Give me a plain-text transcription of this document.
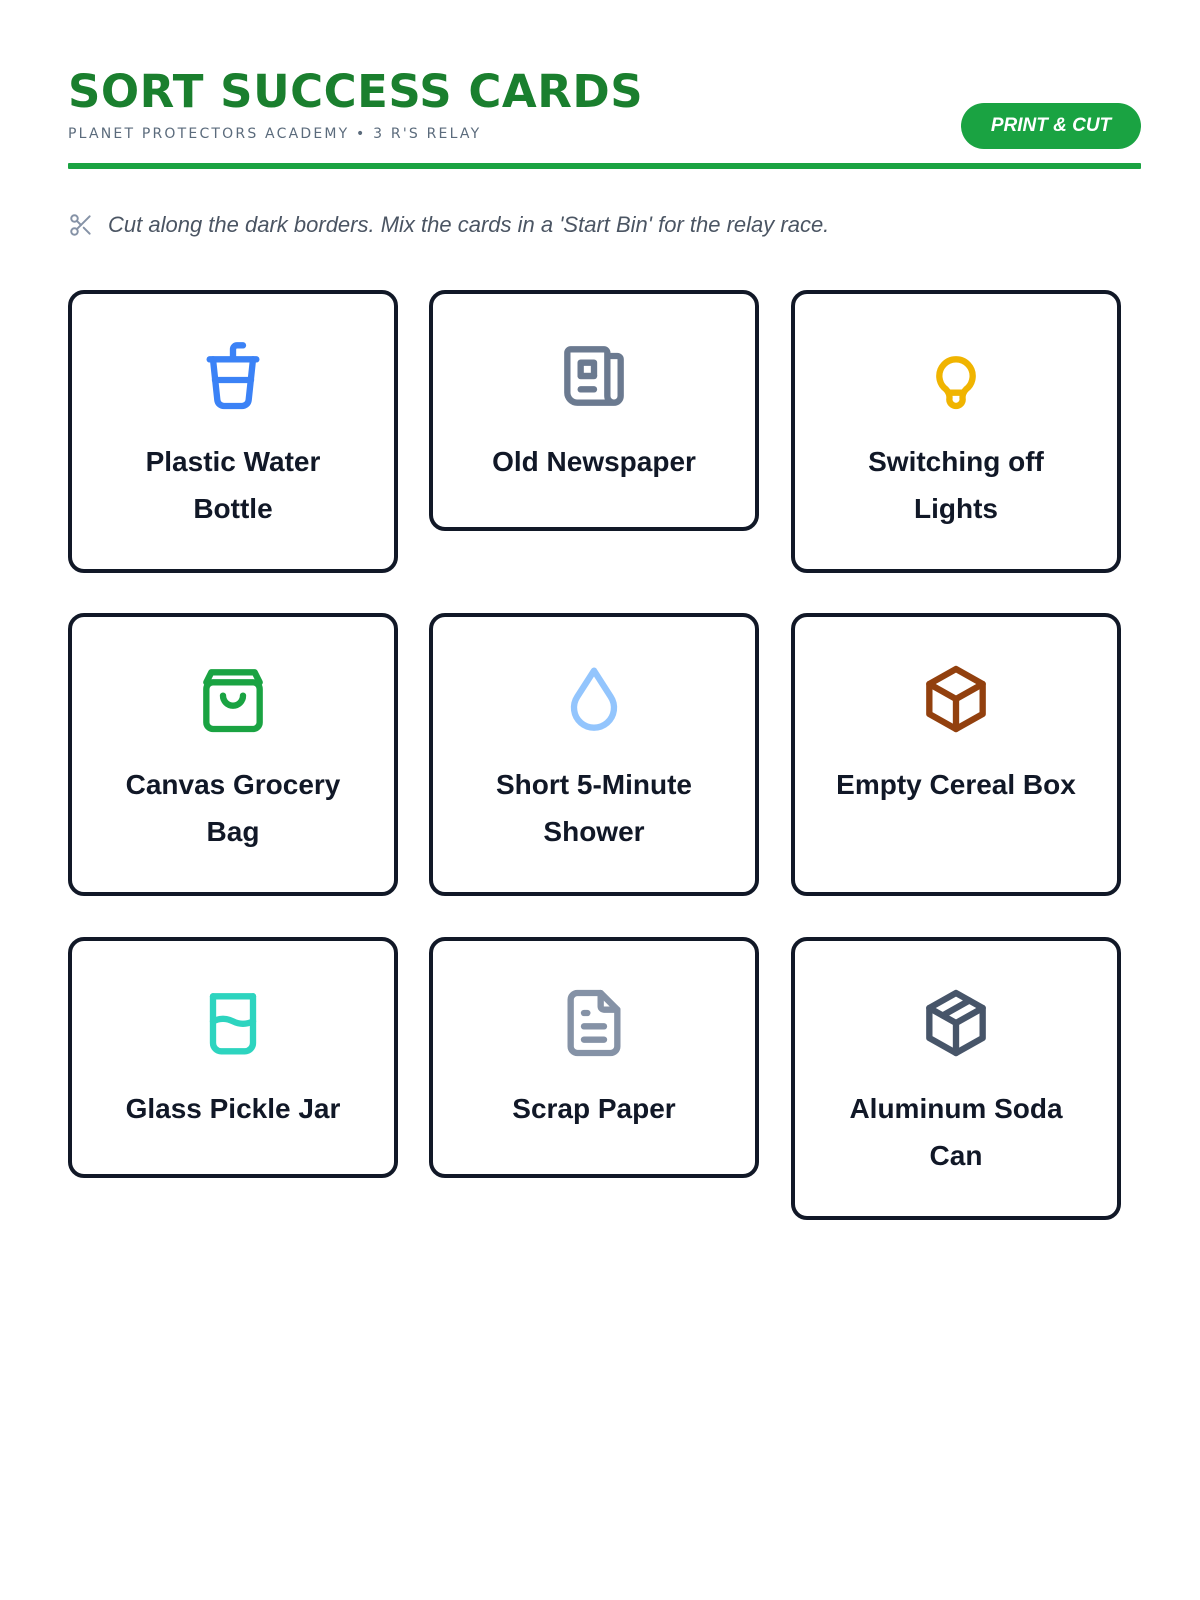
SORT SUCCESS CARDS
PLANET PROTECTORS ACADEMY • 3 R'S RELAY	PRINT & CUT
Cut along the dark borders. Mix the cards in a 'Start Bin' for the relay race.
Plastic Water Bottle
Old Newspaper	Switching off Lights
Canvas Grocery Bag
Short 5-Minute Shower
Empty Cereal Box
Glass Pickle Jar	Scrap Paper	Aluminum Soda Can
